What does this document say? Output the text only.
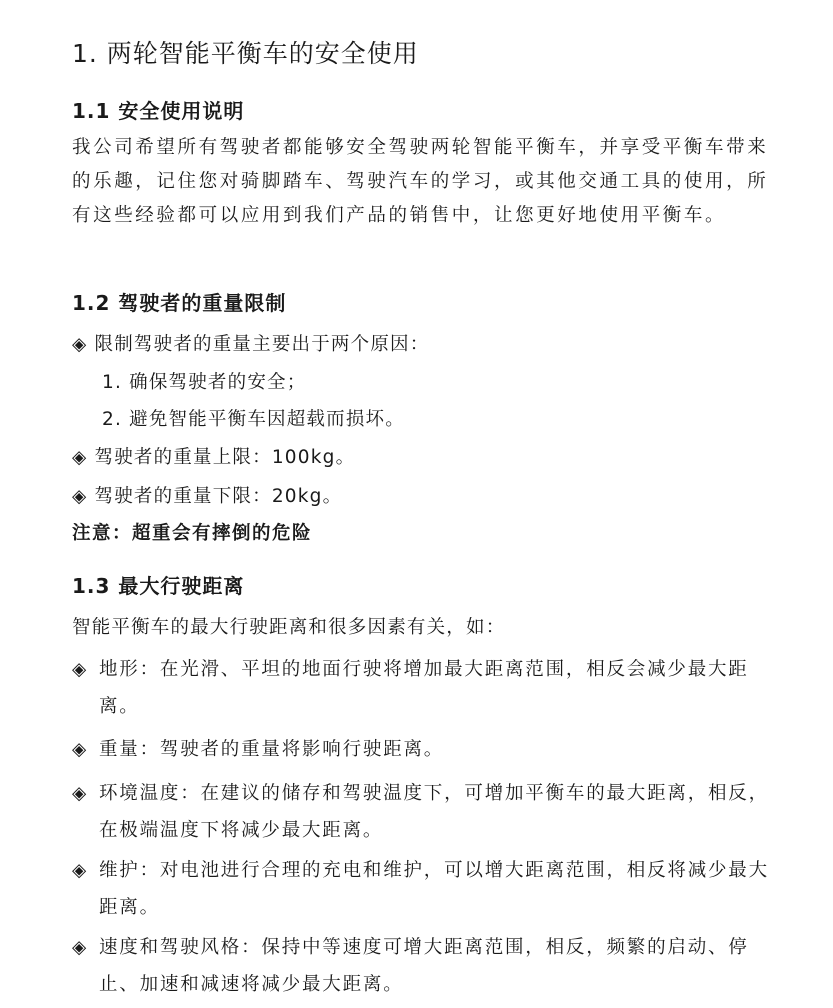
1. 两轮智能平衡车的安全使用
1.1 安全使用说明

我公司希望所有驾驶者都能够安全驾驶两轮智能平衡车，并享受平衡车带来的乐趣，记住您对骑脚踏车、驾驶汽车的学习，或其他交通工具的使用，所有这些经验都可以应用到我们产品的销售中，让您更好地使用平衡车。

1.2 驾驶者的重量限制
◈ 限制驾驶者的重量主要出于两个原因：
1. 确保驾驶者的安全；
2. 避免智能平衡车因超载而损坏。
◈ 驾驶者的重量上限：100kg。
◈ 驾驶者的重量下限：20kg。
注意：超重会有摔倒的危险
1.3 最大行驶距离
智能平衡车的最大行驶距离和很多因素有关，如：
◈ 地形：在光滑、平坦的地面行驶将增加最大距离范围，相反会减少最大距离。
◈ 重量：驾驶者的重量将影响行驶距离。
◈ 环境温度：在建议的储存和驾驶温度下，可增加平衡车的最大距离，相反，在极端温度下将减少最大距离。
◈ 维护：对电池进行合理的充电和维护，可以增大距离范围，相反将减少最大距离。
◈ 速度和驾驶风格：保持中等速度可增大距离范围，相反，频繁的启动、停止、加速和减速将减少最大距离。
